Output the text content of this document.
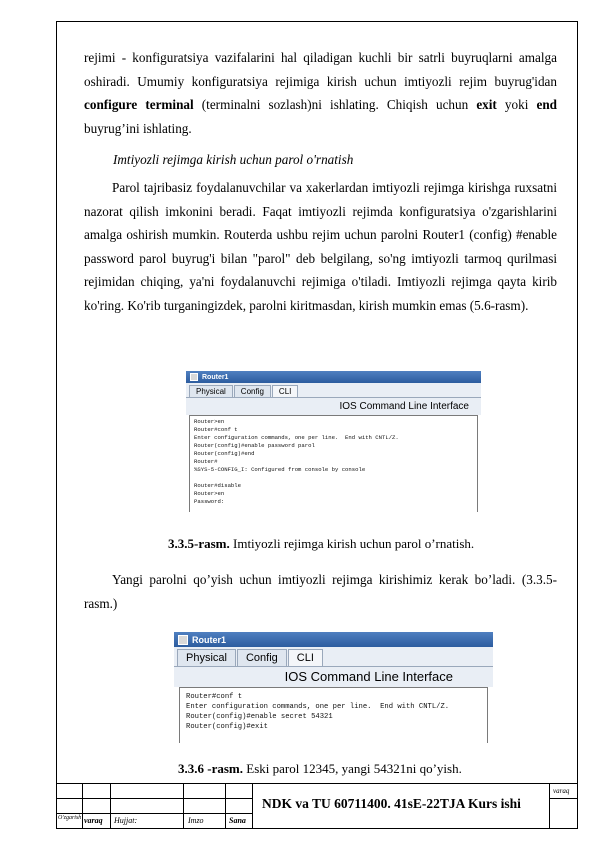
rejimi - konfiguratsiya vazifalarini hal qiladigan kuchli bir satrli buyruqlarni amalga oshiradi. Umumiy konfiguratsiya rejimiga kirish uchun imtiyozli rejim buyrug'idan configure terminal (terminalni sozlash)ni ishlating. Chiqish uchun exit yoki end buyrug’ini ishlating.

Imtiyozli rejimga kirish uchun parol o'rnatish

Parol tajribasiz foydalanuvchilar va xakerlardan imtiyozli rejimga kirishga ruxsatni nazorat qilish imkonini beradi. Faqat imtiyozli rejimda konfiguratsiya o'zgarishlarini amalga oshirish mumkin. Routerda ushbu rejim uchun parolni Router1 (config) #enable password parol buyrug'i bilan "parol" deb belgilang, so'ng imtiyozli tarmoq qurilmasi rejimidan chiqing, ya'ni foydalanuvchi rejimiga o'tiladi. Imtiyozli rejimga qayta kirib ko'ring. Ko'rib turganingizdek, parolni kiritmasdan, kirish mumkin emas (5.6-rasm).

Router1
Physical	Config	CLI
IOS Command Line Interface
Router>en
Router#conf t
Enter configuration commands, one per line.  End with CNTL/Z.
Router(config)#enable password parol
Router(config)#end
Router#
%SYS-5-CONFIG_I: Configured from console by console

Router#disable
Router>en
Password:
3.3.5-rasm. Imtiyozli rejimga kirish uchun parol o’rnatish.

Yangi parolni qo’yish uchun imtiyozli rejimga kirishimiz kerak bo’ladi. (3.3.5-rasm.)

Router1
Physical	Config	CLI
IOS Command Line Interface
Router#conf t
Enter configuration commands, one per line.  End with CNTL/Z.
Router(config)#enable secret 54321
Router(config)#exit
3.3.6 -rasm. Eski parol 12345, yangi 54321ni qo’yish.
varaq
O'zgarish varaq Hujjat:	Imzo	Sana
NDK va TU 60711400. 41sE-22TJA Kurs ishi
